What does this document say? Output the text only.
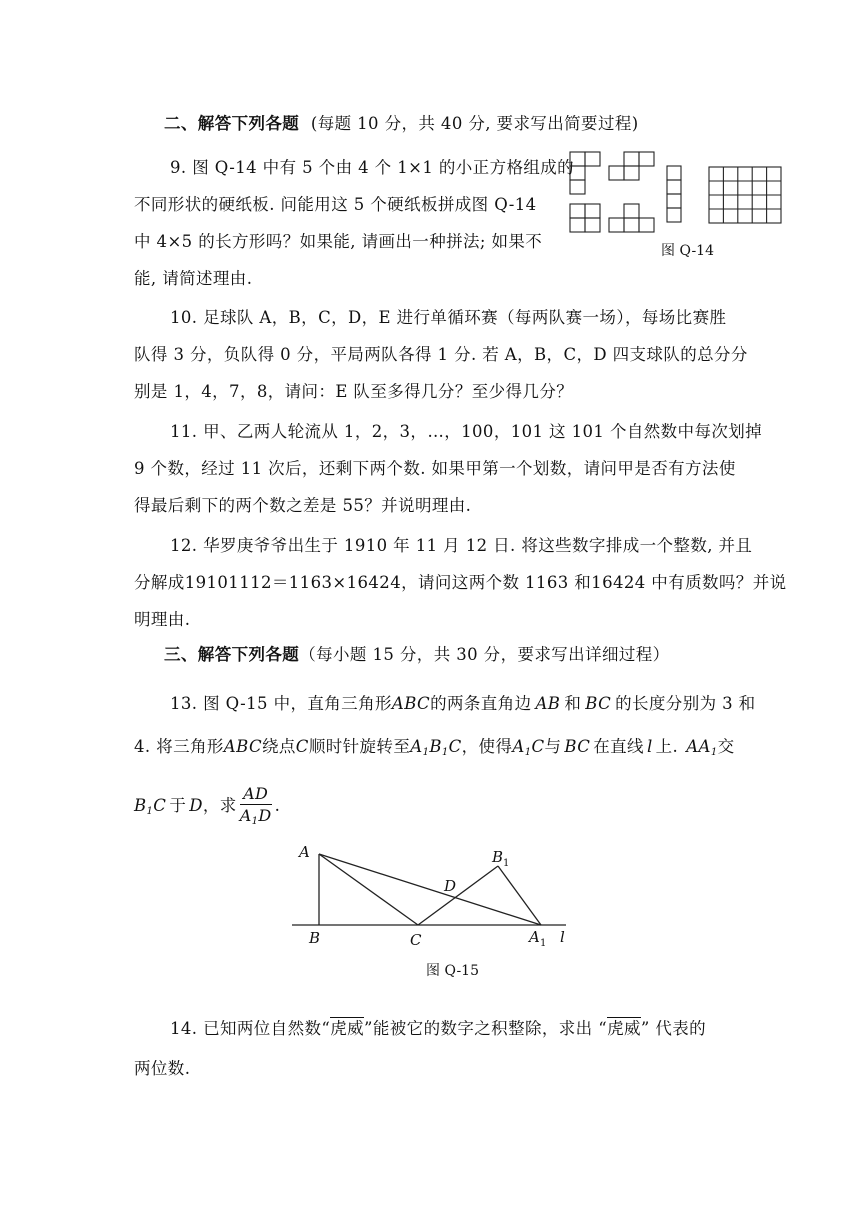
二、解答下列各题 (每题 10 分，共 40 分, 要求写出简要过程)
9. 图 Q-14 中有 5 个由 4 个 1×1 的小正方格组成的
不同形状的硬纸板. 问能用这 5 个硬纸板拼成图 Q-14
中 4×5 的长方形吗？如果能, 请画出一种拼法; 如果不
能, 请简述理由.
图 Q-14
10. 足球队 A，B，C，D，E 进行单循环赛（每两队赛一场），每场比赛胜
队得 3 分，负队得 0 分，平局两队各得 1 分. 若 A，B，C，D 四支球队的总分分
别是 1，4，7，8，请问：E 队至多得几分？至少得几分？
11. 甲、乙两人轮流从 1，2，3，…，100，101 这 101 个自然数中每次划掉
9 个数，经过 11 次后，还剩下两个数. 如果甲第一个划数，请问甲是否有方法使
得最后剩下的两个数之差是 55？并说明理由.
12. 华罗庚爷爷出生于 1910 年 11 月 12 日. 将这些数字排成一个整数, 并且
分解成19101112＝1163×16424，请问这两个数 1163 和16424 中有质数吗？并说
明理由.
三、解答下列各题（每小题 15 分，共 30 分，要求写出详细过程）
13. 图 Q-15 中，直角三角形ABC的两条直角边 AB 和 BC 的长度分别为 3 和
4. 将三角形ABC绕点C顺时针旋转至$A_1B_1C$，使得$A_1C$与 BC 在直线 l 上. $AA_1$交
$B_1C$ 于 D，求 $\frac{AD}{A_1D}$ .
A
B	C
D
B
A l
1
1
图 Q-15
14. 已知两位自然数“虎威”能被它的数字之积整除，求出 “虎威” 代表的
两位数.
